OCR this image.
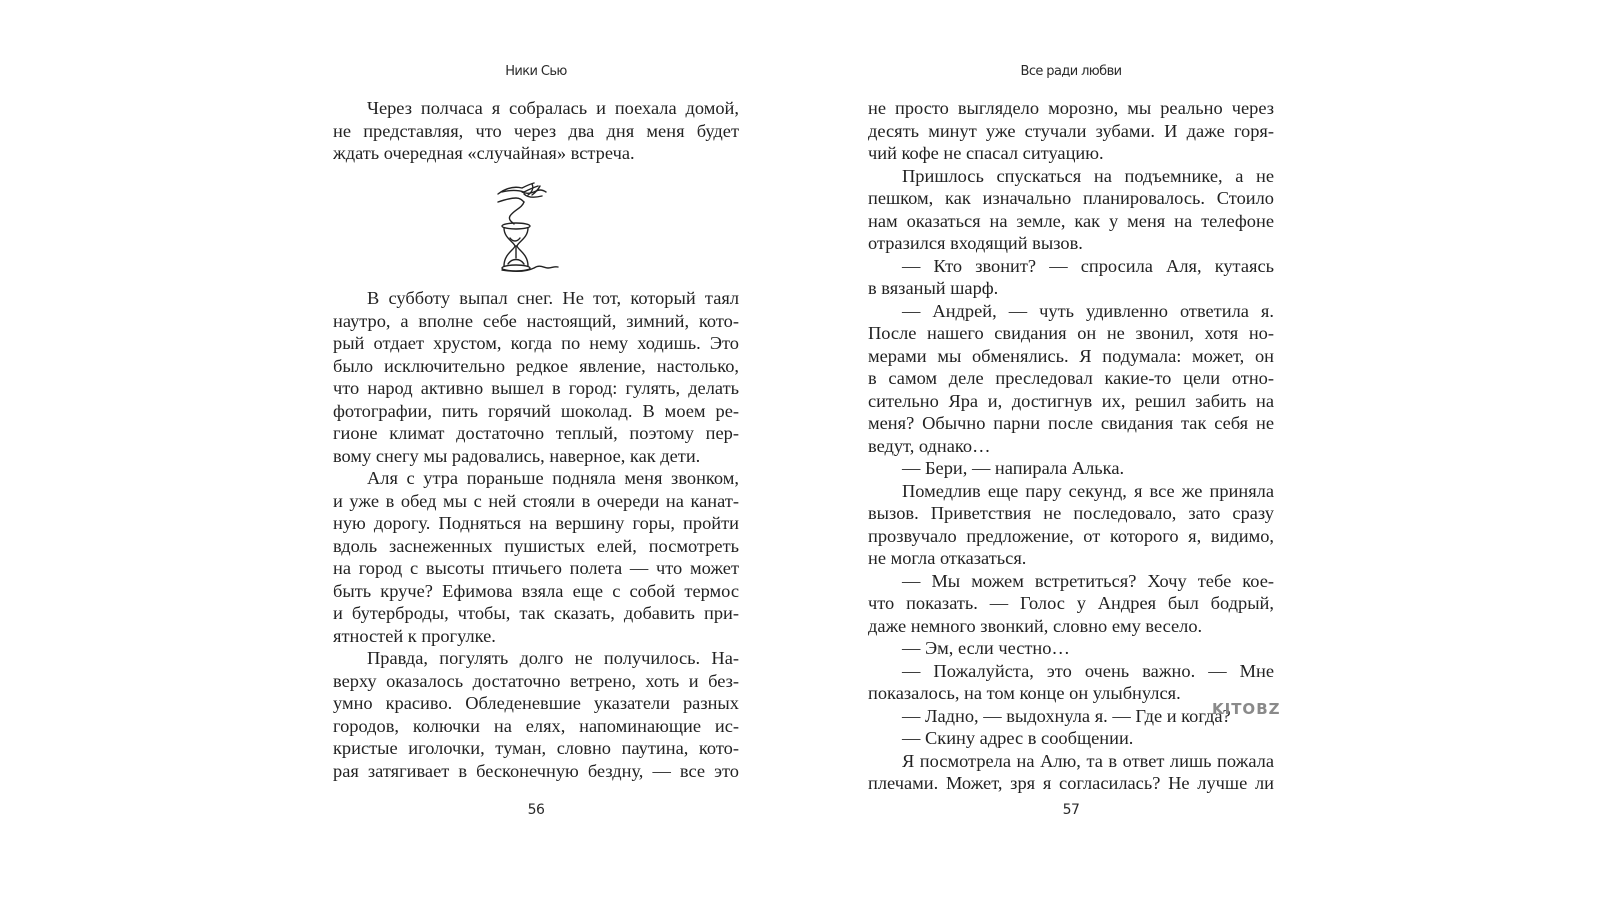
Ники Сью
Через полчаса я собралась и поехала домой,
не представляя, что через два дня меня будет
ждать очередная «случайная» встреча.
В субботу выпал снег. Не тот, который таял
наутро, а вполне себе настоящий, зимний, кото-
рый отдает хрустом, когда по нему ходишь. Это
было исключительно редкое явление, настолько,
что народ активно вышел в город: гулять, делать
фотографии, пить горячий шоколад. В моем ре-
гионе климат достаточно теплый, поэтому пер-
вому снегу мы радовались, наверное, как дети.
Аля с утра пораньше подняла меня звонком,
и уже в обед мы с ней стояли в очереди на канат-
ную дорогу. Подняться на вершину горы, пройти
вдоль заснеженных пушистых елей, посмотреть
на город с высоты птичьего полета — что может
быть круче? Ефимова взяла еще с собой термос
и бутерброды, чтобы, так сказать, добавить при-
ятностей к прогулке.
Правда, погулять долго не получилось. На-
верху оказалось достаточно ветрено, хоть и без-
умно красиво. Обледеневшие указатели разных
городов, колючки на елях, напоминающие ис-
кристые иголочки, туман, словно паутина, кото-
рая затягивает в бесконечную бездну, — все это
56
Все ради любви
не просто выглядело морозно, мы реально через
десять минут уже стучали зубами. И даже горя-
чий кофе не спасал ситуацию.
Пришлось спускаться на подъемнике, а не
пешком, как изначально планировалось. Стоило
нам оказаться на земле, как у меня на телефоне
отразился входящий вызов.
— Кто звонит? — спросила Аля, кутаясь
в вязаный шарф.
— Андрей, — чуть удивленно ответила я.
После нашего свидания он не звонил, хотя но-
мерами мы обменялись. Я подумала: может, он
в самом деле преследовал какие-то цели отно-
сительно Яра и, достигнув их, решил забить на
меня? Обычно парни после свидания так себя не
ведут, однако…
— Бери, — напирала Алька.
Помедлив еще пару секунд, я все же приняла
вызов. Приветствия не последовало, зато сразу
прозвучало предложение, от которого я, видимо,
не могла отказаться.
— Мы можем встретиться? Хочу тебе кое-
что показать. — Голос у Андрея был бодрый,
даже немного звонкий, словно ему весело.
— Эм, если честно…
— Пожалуйста, это очень важно. — Мне
показалось, на том конце он улыбнулся.
— Ладно, — выдохнула я. — Где и когда?
— Скину адрес в сообщении.
Я посмотрела на Алю, та в ответ лишь пожала
плечами. Может, зря я согласилась? Не лучше ли
57
KITOBZ
